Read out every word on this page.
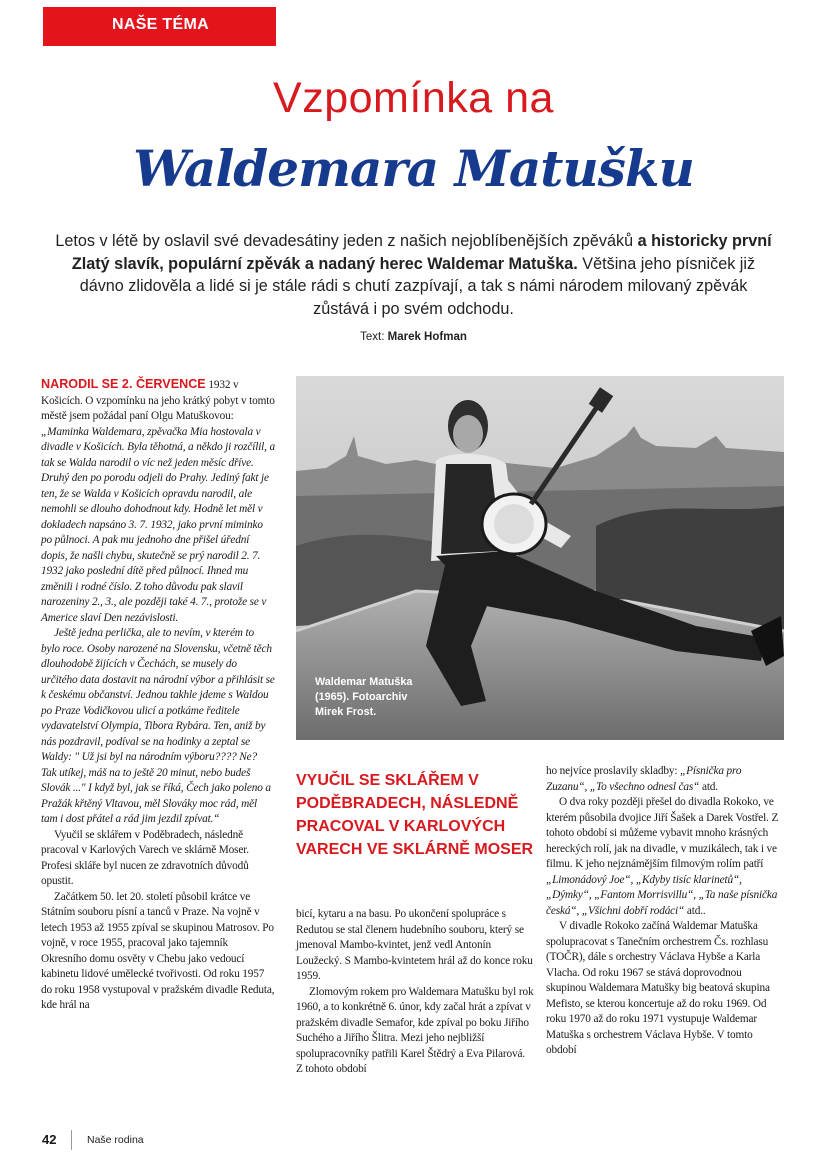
NAŠE TÉMA
Vzpomínka na
Waldemara Matušku
Letos v létě by oslavil své devadesátiny jeden z našich nejoblíbenějších zpěváků a historicky první Zlatý slavík, populární zpěvák a nadaný herec Waldemar Matuška. Většina jeho písniček již dávno zlidověla a lidé si je stále rádi s chutí zazpívají, a tak s námi národem milovaný zpěvák zůstává i po svém odchodu.
Text: Marek Hofman

NARODIL SE 2. ČERVENCE 1932 v Košicích. O vzpomínku na jeho krátký pobyt v tomto městě jsem požádal paní Olgu Matuškovou: „Maminka Waldemara, zpěvačka Mia hostovala v divadle v Košicích. Byla těhotná, a někdo ji rozčílil, a tak se Walda narodil o víc než jeden měsíc dříve. Druhý den po porodu odjeli do Prahy. Jediný fakt je ten, že se Walda v Košicích opravdu narodil, ale nemohli se dlouho dohodnout kdy. Hodně let měl v dokladech napsáno 3. 7. 1932, jako první miminko po půlnoci. A pak mu jednoho dne přišel úřední dopis, že našli chybu, skutečně se prý narodil 2. 7. 1932 jako poslední dítě před půlnocí. Ihned mu změnili i rodné číslo. Z toho důvodu pak slavil narozeniny 2., 3., ale později také 4. 7., protože se v Americe slaví Den nezávislosti.

Ještě jedna perlička, ale to nevím, v kterém to bylo roce. Osoby narozené na Slovensku, včetně těch dlouhodobě žijících v Čechách, se musely do určitého data dostavit na národní výbor a přihlásit se k českému občanství. Jednou takhle jdeme s Waldou po Praze Vodičkovou ulicí a potkáme ředitele vydavatelství Olympia, Tibora Rybára. Ten, aniž by nás pozdravil, podíval se na hodinky a zeptal se Waldy: " Už jsi byl na národním výboru???? Ne? Tak utíkej, máš na to ještě 20 minut, nebo budeš Slovák ..." I když byl, jak se říká, Čech jako poleno a Pražák křtěný Vltavou, měl Slováky moc rád, měl tam i dost přátel a rád jim jezdil zpívat.“

Vyučil se sklářem v Poděbradech, následně pracoval v Karlových Varech ve sklárně Moser. Profesi skláře byl nucen ze zdravotních důvodů opustit.

Začátkem 50. let 20. století působil krátce ve Státním souboru písní a tanců v Praze. Na vojně v letech 1953 až 1955 zpíval se skupinou Matrosov. Po vojně, v roce 1955, pracoval jako tajemník Okresního domu osvěty v Chebu jako vedoucí kabinetu lidové umělecké tvořivosti. Od roku 1957 do roku 1958 vystupoval v pražském divadle Reduta, kde hrál na

Waldemar Matuška (1965). Fotoarchiv Mirek Frost.
VYUČIL SE SKLÁŘEM V PODĚBRADECH, NÁSLEDNĚ PRACOVAL V KARLOVÝCH VARECH VE SKLÁRNĚ MOSER

bicí, kytaru a na basu. Po ukončení spolupráce s Redutou se stal členem hudebního souboru, který se jmenoval Mambo-kvintet, jenž vedl Antonín Loužecký. S Mambo-kvintetem hrál až do konce roku 1959.

Zlomovým rokem pro Waldemara Matušku byl rok 1960, a to konkrétně 6. únor, kdy začal hrát a zpívat v pražském divadle Semafor, kde zpíval po boku Jiřího Suchého a Jiřího Šlitra. Mezi jeho nejbližší spolupracovníky patřili Karel Štědrý a Eva Pilarová. Z tohoto období

ho nejvíce proslavily skladby: „Písnička pro Zuzanu“, „To všechno odnesl čas“ atd.

O dva roky později přešel do divadla Rokoko, ve kterém působila dvojice Jiří Šašek a Darek Vostřel. Z tohoto období si můžeme vybavit mnoho krásných hereckých rolí, jak na divadle, v muzikálech, tak i ve filmu. K jeho nejznámějším filmovým rolím patří „Limonádový Joe“, „Kdyby tisíc klarinetů“, „Dýmky“, „Fantom Morrisvillu“, „Ta naše písnička česká“, „Všichni dobří rodáci“ atd..

V divadle Rokoko začíná Waldemar Matuška spolupracovat s Tanečním orchestrem Čs. rozhlasu (TOČR), dále s orchestry Václava Hybše a Karla Vlacha. Od roku 1967 se stává doprovodnou skupinou Waldemara Matušky big beatová skupina Mefisto, se kterou koncertuje až do roku 1969. Od roku 1970 až do roku 1971 vystupuje Waldemar Matuška s orchestrem Václava Hybše. V tomto období

42	Naše rodina
